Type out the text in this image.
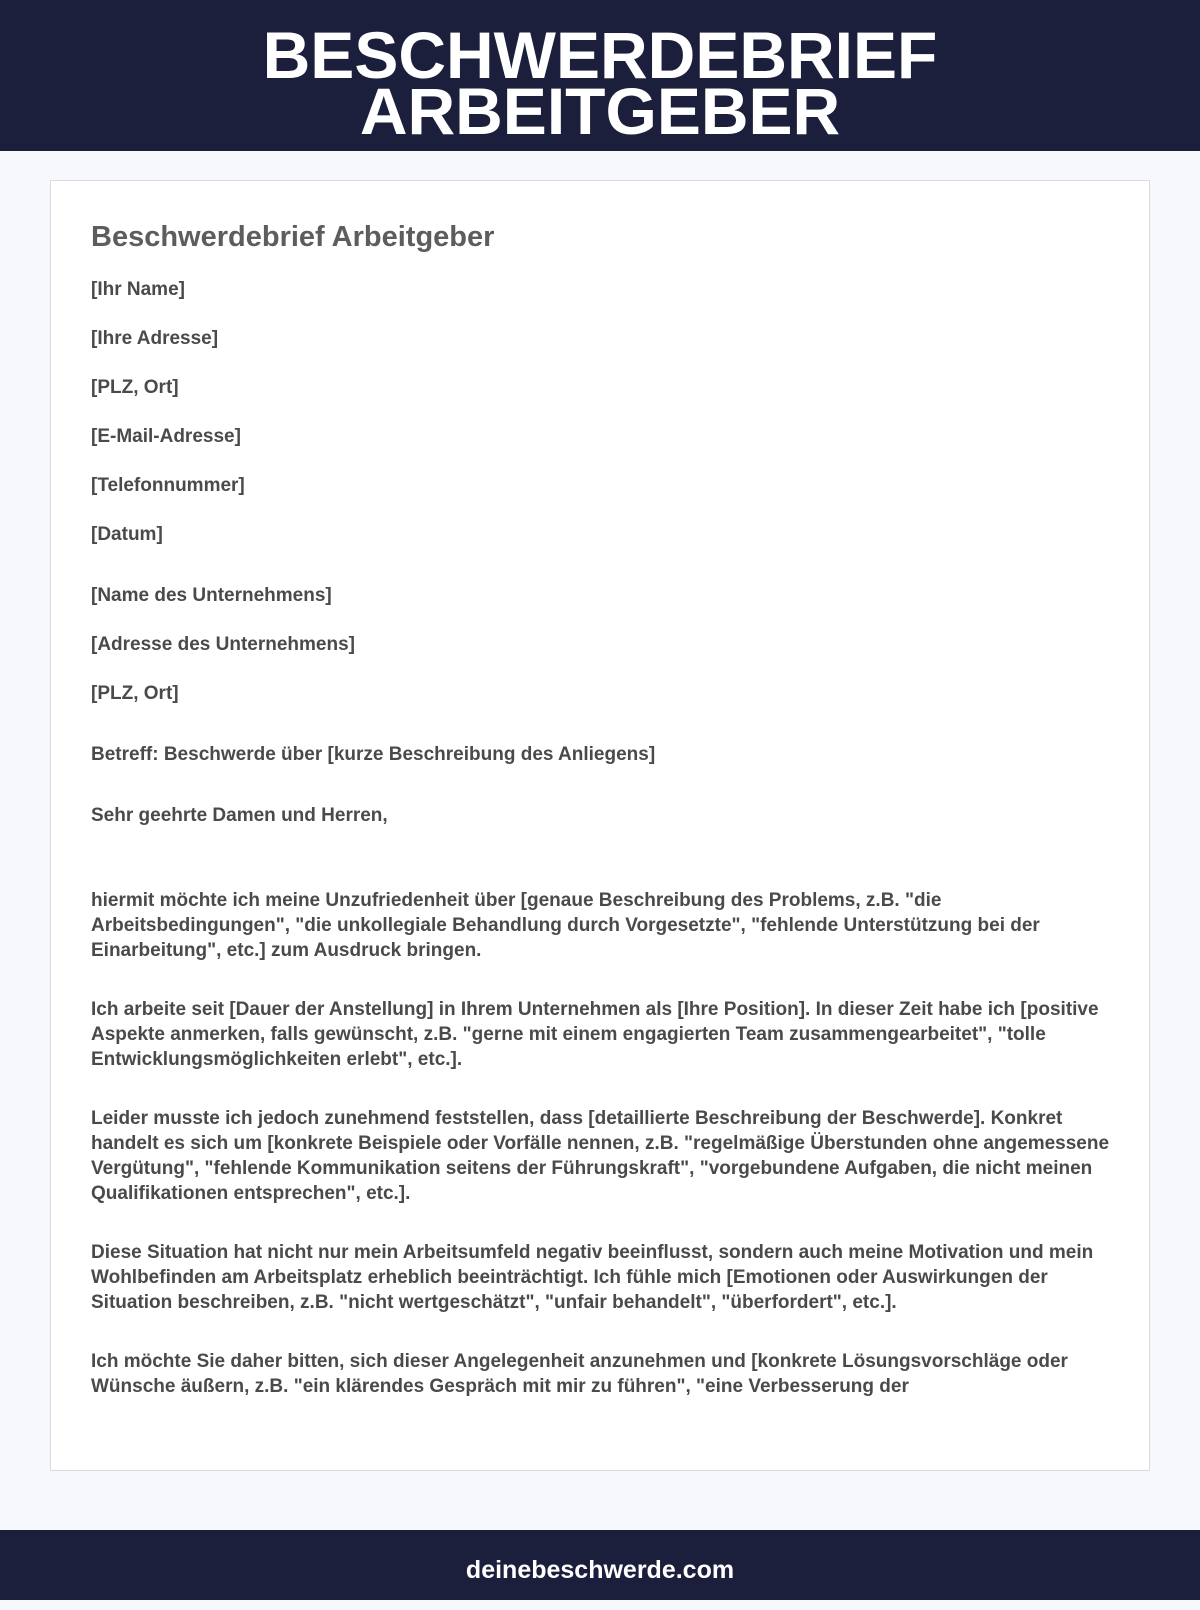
BESCHWERDEBRIEF
ARBEITGEBER
Beschwerdebrief Arbeitgeber
[Ihr Name]
[Ihre Adresse]
[PLZ, Ort]
[E-Mail-Adresse]
[Telefonnummer]
[Datum]
[Name des Unternehmens]
[Adresse des Unternehmens]
[PLZ, Ort]
Betreff: Beschwerde über [kurze Beschreibung des Anliegens]
Sehr geehrte Damen und Herren,
hiermit möchte ich meine Unzufriedenheit über [genaue Beschreibung des Problems, z.B. "die Arbeitsbedingungen", "die unkollegiale Behandlung durch Vorgesetzte", "fehlende Unterstützung bei der Einarbeitung", etc.] zum Ausdruck bringen.
Ich arbeite seit [Dauer der Anstellung] in Ihrem Unternehmen als [Ihre Position]. In dieser Zeit habe ich [positive Aspekte anmerken, falls gewünscht, z.B. "gerne mit einem engagierten Team zusammengearbeitet", "tolle Entwicklungsmöglichkeiten erlebt", etc.].
Leider musste ich jedoch zunehmend feststellen, dass [detaillierte Beschreibung der Beschwerde]. Konkret handelt es sich um [konkrete Beispiele oder Vorfälle nennen, z.B. "regelmäßige Überstunden ohne angemessene Vergütung", "fehlende Kommunikation seitens der Führungskraft", "vorgebundene Aufgaben, die nicht meinen Qualifikationen entsprechen", etc.].
Diese Situation hat nicht nur mein Arbeitsumfeld negativ beeinflusst, sondern auch meine Motivation und mein Wohlbefinden am Arbeitsplatz erheblich beeinträchtigt. Ich fühle mich [Emotionen oder Auswirkungen der Situation beschreiben, z.B. "nicht wertgeschätzt", "unfair behandelt", "überfordert", etc.].
Ich möchte Sie daher bitten, sich dieser Angelegenheit anzunehmen und [konkrete Lösungsvorschläge oder Wünsche äußern, z.B. "ein klärendes Gespräch mit mir zu führen", "eine Verbesserung der
deinebeschwerde.com
